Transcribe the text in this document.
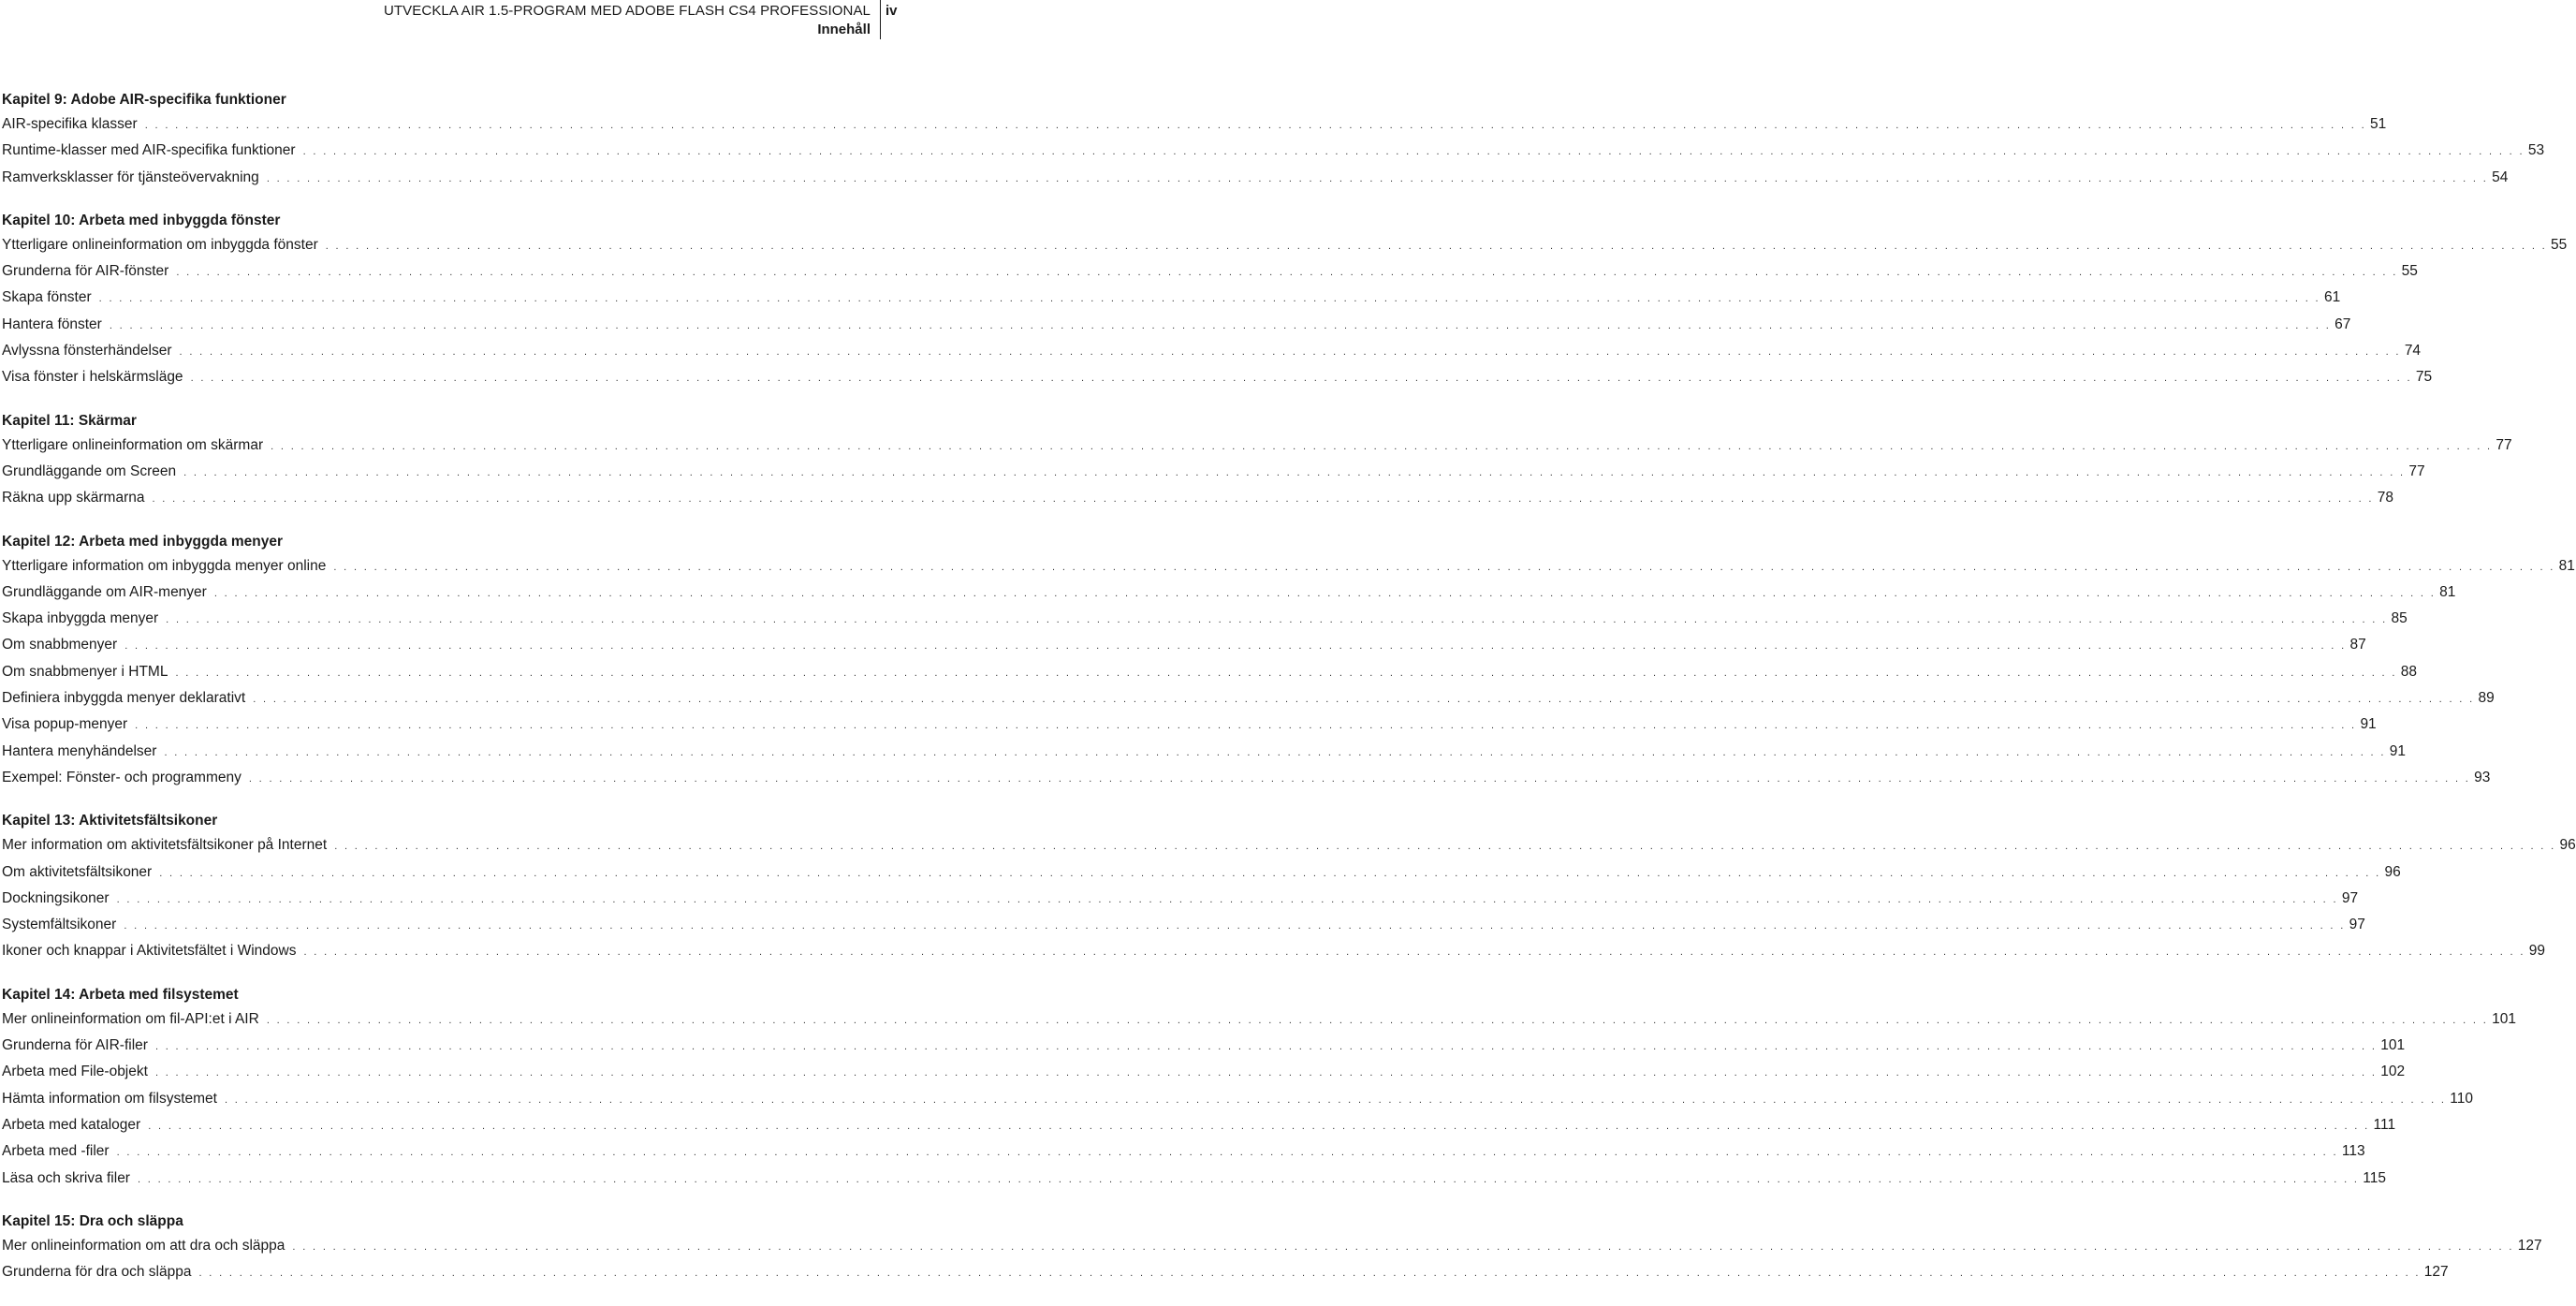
UTVECKLA AIR 1.5-PROGRAM MED ADOBE FLASH CS4 PROFESSIONAL
Innehåll
iv
Kapitel 9: Adobe AIR-specifika funktioner
AIR-specifika klasser . . . . . . . . . . . . . . . . . . . . . . . . . . . . . . . . . . . . . . . . . . . . . . . . . . . . . . . . . . . . . . . . . . . . . . . . . . . . . . . . . . . . . . . . . . . . . . . . . . . . . . . . . . . . . . . . . . . . . . . . . . . . . . . . . . . . . . . . . . . . . . . . . . . . . . . . . . . . . . . . . . . . . . . . . . . . . . . . . . . . . . . . . . . . . . . . . . . . . . . . . . . . . . . . . . . . . . . . . . . . 51
Runtime-klasser med AIR-specifika funktioner . . . . . . . . . . . . . . . . . . . . . . . . . . . . . . . . . . . . . . . . . . . . . . . . . . . . . . . . . . . . . . . . . . . . . . . . . . . . . . . . . . . . . . . . . . . . . . . . . . . . . . . . . . . . . . . . . . . . . . . . . . . . . . . . . . . . . . . . . . . . . . . . . . . . . . . . . . . . . . . . . . . . . . . . . . . . . . . . . . . . . . . . . . . . . . . . . . . . . . . . . . . . . . . . . . . . . . . . . . . . 53
Ramverksklasser för tjänsteövervakning . . . . . . . . . . . . . . . . . . . . . . . . . . . . . . . . . . . . . . . . . . . . . . . . . . . . . . . . . . . . . . . . . . . . . . . . . . . . . . . . . . . . . . . . . . . . . . . . . . . . . . . . . . . . . . . . . . . . . . . . . . . . . . . . . . . . . . . . . . . . . . . . . . . . . . . . . . . . . . . . . . . . . . . . . . . . . . . . . . . . . . . . . . . . . . . . . . . . . . . . . . . . . . . . . . . . . . . . . . . . 54
Kapitel 10: Arbeta med inbyggda fönster
Ytterligare onlineinformation om inbyggda fönster . . . . . . . . . . . . . . . . . . . . . . . . . . . . . . . . . . . . . . . . . . . . . . . . . . . . . . . . . . . . . . . . . . . . . . . . . . . . . . . . . . . . . . . . . . . . . . . . . . . . . . . . . . . . . . . . . . . . . . . . . . . . . . . . . . . . . . . . . . . . . . . . . . . . . . . . . . . . . . . . . . . . . . . . . . . . . . . . . . . . . . . . . . . . . . . . . . . . . . . . . . . . . . . . . . . . . . . . . . . . 55
Grunderna för AIR-fönster . . . . . . . . . . . . . . . . . . . . . . . . . . . . . . . . . . . . . . . . . . . . . . . . . . . . . . . . . . . . . . . . . . . . . . . . . . . . . . . . . . . . . . . . . . . . . . . . . . . . . . . . . . . . . . . . . . . . . . . . . . . . . . . . . . . . . . . . . . . . . . . . . . . . . . . . . . . . . . . . . . . . . . . . . . . . . . . . . . . . . . . . . . . . . . . . . . . . . . . . . . . . . . . . . . . . . . . . . . . . 55
Skapa fönster . . . . . . . . . . . . . . . . . . . . . . . . . . . . . . . . . . . . . . . . . . . . . . . . . . . . . . . . . . . . . . . . . . . . . . . . . . . . . . . . . . . . . . . . . . . . . . . . . . . . . . . . . . . . . . . . . . . . . . . . . . . . . . . . . . . . . . . . . . . . . . . . . . . . . . . . . . . . . . . . . . . . . . . . . . . . . . . . . . . . . . . . . . . . . . . . . . . . . . . . . . . . . . . . . . . . . . . . . . . . 61
Hantera fönster . . . . . . . . . . . . . . . . . . . . . . . . . . . . . . . . . . . . . . . . . . . . . . . . . . . . . . . . . . . . . . . . . . . . . . . . . . . . . . . . . . . . . . . . . . . . . . . . . . . . . . . . . . . . . . . . . . . . . . . . . . . . . . . . . . . . . . . . . . . . . . . . . . . . . . . . . . . . . . . . . . . . . . . . . . . . . . . . . . . . . . . . . . . . . . . . . . . . . . . . . . . . . . . . . . . . . . . . . . . . 67
Avlyssna fönsterhändelser . . . . . . . . . . . . . . . . . . . . . . . . . . . . . . . . . . . . . . . . . . . . . . . . . . . . . . . . . . . . . . . . . . . . . . . . . . . . . . . . . . . . . . . . . . . . . . . . . . . . . . . . . . . . . . . . . . . . . . . . . . . . . . . . . . . . . . . . . . . . . . . . . . . . . . . . . . . . . . . . . . . . . . . . . . . . . . . . . . . . . . . . . . . . . . . . . . . . . . . . . . . . . . . . . . . . . . . . . . . . 74
Visa fönster i helskärmsläge . . . . . . . . . . . . . . . . . . . . . . . . . . . . . . . . . . . . . . . . . . . . . . . . . . . . . . . . . . . . . . . . . . . . . . . . . . . . . . . . . . . . . . . . . . . . . . . . . . . . . . . . . . . . . . . . . . . . . . . . . . . . . . . . . . . . . . . . . . . . . . . . . . . . . . . . . . . . . . . . . . . . . . . . . . . . . . . . . . . . . . . . . . . . . . . . . . . . . . . . . . . . . . . . . . . . . . . . . . . . 75
Kapitel 11: Skärmar
Ytterligare onlineinformation om skärmar . . . . . . . . . . . . . . . . . . . . . . . . . . . . . . . . . . . . . . . . . . . . . . . . . . . . . . . . . . . . . . . . . . . . . . . . . . . . . . . . . . . . . . . . . . . . . . . . . . . . . . . . . . . . . . . . . . . . . . . . . . . . . . . . . . . . . . . . . . . . . . . . . . . . . . . . . . . . . . . . . . . . . . . . . . . . . . . . . . . . . . . . . . . . . . . . . . . . . . . . . . . . . . . . . . . . . . . . . . . . 77
Grundläggande om Screen . . . . . . . . . . . . . . . . . . . . . . . . . . . . . . . . . . . . . . . . . . . . . . . . . . . . . . . . . . . . . . . . . . . . . . . . . . . . . . . . . . . . . . . . . . . . . . . . . . . . . . . . . . . . . . . . . . . . . . . . . . . . . . . . . . . . . . . . . . . . . . . . . . . . . . . . . . . . . . . . . . . . . . . . . . . . . . . . . . . . . . . . . . . . . . . . . . . . . . . . . . . . . . . . . . . . . . . . . . . . 77
Räkna upp skärmarna . . . . . . . . . . . . . . . . . . . . . . . . . . . . . . . . . . . . . . . . . . . . . . . . . . . . . . . . . . . . . . . . . . . . . . . . . . . . . . . . . . . . . . . . . . . . . . . . . . . . . . . . . . . . . . . . . . . . . . . . . . . . . . . . . . . . . . . . . . . . . . . . . . . . . . . . . . . . . . . . . . . . . . . . . . . . . . . . . . . . . . . . . . . . . . . . . . . . . . . . . . . . . . . . . . . . . . . . . . . . 78
Kapitel 12: Arbeta med inbyggda menyer
Ytterligare information om inbyggda menyer online . . . . . . . . . . . . . . . . . . . . . . . . . . . . . . . . . . . . . . . . . . . . . . . . . . . . . . . . . . . . . . . . . . . . . . . . . . . . . . . . . . . . . . . . . . . . . . . . . . . . . . . . . . . . . . . . . . . . . . . . . . . . . . . . . . . . . . . . . . . . . . . . . . . . . . . . . . . . . . . . . . . . . . . . . . . . . . . . . . . . . . . . . . . . . . . . . . . . . . . . . . . . . . . . . . . . . . . . . . . . 81
Grundläggande om AIR-menyer . . . . . . . . . . . . . . . . . . . . . . . . . . . . . . . . . . . . . . . . . . . . . . . . . . . . . . . . . . . . . . . . . . . . . . . . . . . . . . . . . . . . . . . . . . . . . . . . . . . . . . . . . . . . . . . . . . . . . . . . . . . . . . . . . . . . . . . . . . . . . . . . . . . . . . . . . . . . . . . . . . . . . . . . . . . . . . . . . . . . . . . . . . . . . . . . . . . . . . . . . . . . . . . . . . . . . . . . . . . . 81
Skapa inbyggda menyer . . . . . . . . . . . . . . . . . . . . . . . . . . . . . . . . . . . . . . . . . . . . . . . . . . . . . . . . . . . . . . . . . . . . . . . . . . . . . . . . . . . . . . . . . . . . . . . . . . . . . . . . . . . . . . . . . . . . . . . . . . . . . . . . . . . . . . . . . . . . . . . . . . . . . . . . . . . . . . . . . . . . . . . . . . . . . . . . . . . . . . . . . . . . . . . . . . . . . . . . . . . . . . . . . . . . . . . . . . . . 85
Om snabbmenyer . . . . . . . . . . . . . . . . . . . . . . . . . . . . . . . . . . . . . . . . . . . . . . . . . . . . . . . . . . . . . . . . . . . . . . . . . . . . . . . . . . . . . . . . . . . . . . . . . . . . . . . . . . . . . . . . . . . . . . . . . . . . . . . . . . . . . . . . . . . . . . . . . . . . . . . . . . . . . . . . . . . . . . . . . . . . . . . . . . . . . . . . . . . . . . . . . . . . . . . . . . . . . . . . . . . . . . . . . . . . 87
Om snabbmenyer i HTML . . . . . . . . . . . . . . . . . . . . . . . . . . . . . . . . . . . . . . . . . . . . . . . . . . . . . . . . . . . . . . . . . . . . . . . . . . . . . . . . . . . . . . . . . . . . . . . . . . . . . . . . . . . . . . . . . . . . . . . . . . . . . . . . . . . . . . . . . . . . . . . . . . . . . . . . . . . . . . . . . . . . . . . . . . . . . . . . . . . . . . . . . . . . . . . . . . . . . . . . . . . . . . . . . . . . . . . . . . . . 88
Definiera inbyggda menyer deklarativt . . . . . . . . . . . . . . . . . . . . . . . . . . . . . . . . . . . . . . . . . . . . . . . . . . . . . . . . . . . . . . . . . . . . . . . . . . . . . . . . . . . . . . . . . . . . . . . . . . . . . . . . . . . . . . . . . . . . . . . . . . . . . . . . . . . . . . . . . . . . . . . . . . . . . . . . . . . . . . . . . . . . . . . . . . . . . . . . . . . . . . . . . . . . . . . . . . . . . . . . . . . . . . . . . . . . . . . . . . . . 89
Visa popup-menyer . . . . . . . . . . . . . . . . . . . . . . . . . . . . . . . . . . . . . . . . . . . . . . . . . . . . . . . . . . . . . . . . . . . . . . . . . . . . . . . . . . . . . . . . . . . . . . . . . . . . . . . . . . . . . . . . . . . . . . . . . . . . . . . . . . . . . . . . . . . . . . . . . . . . . . . . . . . . . . . . . . . . . . . . . . . . . . . . . . . . . . . . . . . . . . . . . . . . . . . . . . . . . . . . . . . . . . . . . . . . 91
Hantera menyhändelser . . . . . . . . . . . . . . . . . . . . . . . . . . . . . . . . . . . . . . . . . . . . . . . . . . . . . . . . . . . . . . . . . . . . . . . . . . . . . . . . . . . . . . . . . . . . . . . . . . . . . . . . . . . . . . . . . . . . . . . . . . . . . . . . . . . . . . . . . . . . . . . . . . . . . . . . . . . . . . . . . . . . . . . . . . . . . . . . . . . . . . . . . . . . . . . . . . . . . . . . . . . . . . . . . . . . . . . . . . . . 91
Exempel: Fönster- och programmeny . . . . . . . . . . . . . . . . . . . . . . . . . . . . . . . . . . . . . . . . . . . . . . . . . . . . . . . . . . . . . . . . . . . . . . . . . . . . . . . . . . . . . . . . . . . . . . . . . . . . . . . . . . . . . . . . . . . . . . . . . . . . . . . . . . . . . . . . . . . . . . . . . . . . . . . . . . . . . . . . . . . . . . . . . . . . . . . . . . . . . . . . . . . . . . . . . . . . . . . . . . . . . . . . . . . . . . . . . . . . 93
Kapitel 13: Aktivitetsfältsikoner
Mer information om aktivitetsfältsikoner på Internet . . . . . . . . . . . . . . . . . . . . . . . . . . . . . . . . . . . . . . . . . . . . . . . . . . . . . . . . . . . . . . . . . . . . . . . . . . . . . . . . . . . . . . . . . . . . . . . . . . . . . . . . . . . . . . . . . . . . . . . . . . . . . . . . . . . . . . . . . . . . . . . . . . . . . . . . . . . . . . . . . . . . . . . . . . . . . . . . . . . . . . . . . . . . . . . . . . . . . . . . . . . . . . . . . . . . . . . . . . . . 96
Om aktivitetsfältsikoner . . . . . . . . . . . . . . . . . . . . . . . . . . . . . . . . . . . . . . . . . . . . . . . . . . . . . . . . . . . . . . . . . . . . . . . . . . . . . . . . . . . . . . . . . . . . . . . . . . . . . . . . . . . . . . . . . . . . . . . . . . . . . . . . . . . . . . . . . . . . . . . . . . . . . . . . . . . . . . . . . . . . . . . . . . . . . . . . . . . . . . . . . . . . . . . . . . . . . . . . . . . . . . . . . . . . . . . . . . . . 96
Dockningsikoner . . . . . . . . . . . . . . . . . . . . . . . . . . . . . . . . . . . . . . . . . . . . . . . . . . . . . . . . . . . . . . . . . . . . . . . . . . . . . . . . . . . . . . . . . . . . . . . . . . . . . . . . . . . . . . . . . . . . . . . . . . . . . . . . . . . . . . . . . . . . . . . . . . . . . . . . . . . . . . . . . . . . . . . . . . . . . . . . . . . . . . . . . . . . . . . . . . . . . . . . . . . . . . . . . . . . . . . . . . . . 97
Systemfältsikoner . . . . . . . . . . . . . . . . . . . . . . . . . . . . . . . . . . . . . . . . . . . . . . . . . . . . . . . . . . . . . . . . . . . . . . . . . . . . . . . . . . . . . . . . . . . . . . . . . . . . . . . . . . . . . . . . . . . . . . . . . . . . . . . . . . . . . . . . . . . . . . . . . . . . . . . . . . . . . . . . . . . . . . . . . . . . . . . . . . . . . . . . . . . . . . . . . . . . . . . . . . . . . . . . . . . . . . . . . . . . 97
Ikoner och knappar i Aktivitetsfältet i Windows . . . . . . . . . . . . . . . . . . . . . . . . . . . . . . . . . . . . . . . . . . . . . . . . . . . . . . . . . . . . . . . . . . . . . . . . . . . . . . . . . . . . . . . . . . . . . . . . . . . . . . . . . . . . . . . . . . . . . . . . . . . . . . . . . . . . . . . . . . . . . . . . . . . . . . . . . . . . . . . . . . . . . . . . . . . . . . . . . . . . . . . . . . . . . . . . . . . . . . . . . . . . . . . . . . . . . . . . . . . . 99
Kapitel 14: Arbeta med filsystemet
Mer onlineinformation om fil-API:et i AIR . . . . . . . . . . . . . . . . . . . . . . . . . . . . . . . . . . . . . . . . . . . . . . . . . . . . . . . . . . . . . . . . . . . . . . . . . . . . . . . . . . . . . . . . . . . . . . . . . . . . . . . . . . . . . . . . . . . . . . . . . . . . . . . . . . . . . . . . . . . . . . . . . . . . . . . . . . . . . . . . . . . . . . . . . . . . . . . . . . . . . . . . . . . . . . . . . . . . . . . . . . . . . . . . . . . . . . . . . . . . 101
Grunderna för AIR-filer . . . . . . . . . . . . . . . . . . . . . . . . . . . . . . . . . . . . . . . . . . . . . . . . . . . . . . . . . . . . . . . . . . . . . . . . . . . . . . . . . . . . . . . . . . . . . . . . . . . . . . . . . . . . . . . . . . . . . . . . . . . . . . . . . . . . . . . . . . . . . . . . . . . . . . . . . . . . . . . . . . . . . . . . . . . . . . . . . . . . . . . . . . . . . . . . . . . . . . . . . . . . . . . . . . . . . . . . . . . . 101
Arbeta med File-objekt . . . . . . . . . . . . . . . . . . . . . . . . . . . . . . . . . . . . . . . . . . . . . . . . . . . . . . . . . . . . . . . . . . . . . . . . . . . . . . . . . . . . . . . . . . . . . . . . . . . . . . . . . . . . . . . . . . . . . . . . . . . . . . . . . . . . . . . . . . . . . . . . . . . . . . . . . . . . . . . . . . . . . . . . . . . . . . . . . . . . . . . . . . . . . . . . . . . . . . . . . . . . . . . . . . . . . . . . . . . . 102
Hämta information om filsystemet . . . . . . . . . . . . . . . . . . . . . . . . . . . . . . . . . . . . . . . . . . . . . . . . . . . . . . . . . . . . . . . . . . . . . . . . . . . . . . . . . . . . . . . . . . . . . . . . . . . . . . . . . . . . . . . . . . . . . . . . . . . . . . . . . . . . . . . . . . . . . . . . . . . . . . . . . . . . . . . . . . . . . . . . . . . . . . . . . . . . . . . . . . . . . . . . . . . . . . . . . . . . . . . . . . . . . . . . . . . . 110
Arbeta med kataloger . . . . . . . . . . . . . . . . . . . . . . . . . . . . . . . . . . . . . . . . . . . . . . . . . . . . . . . . . . . . . . . . . . . . . . . . . . . . . . . . . . . . . . . . . . . . . . . . . . . . . . . . . . . . . . . . . . . . . . . . . . . . . . . . . . . . . . . . . . . . . . . . . . . . . . . . . . . . . . . . . . . . . . . . . . . . . . . . . . . . . . . . . . . . . . . . . . . . . . . . . . . . . . . . . . . . . . . . . . . . 111
Arbeta med -filer . . . . . . . . . . . . . . . . . . . . . . . . . . . . . . . . . . . . . . . . . . . . . . . . . . . . . . . . . . . . . . . . . . . . . . . . . . . . . . . . . . . . . . . . . . . . . . . . . . . . . . . . . . . . . . . . . . . . . . . . . . . . . . . . . . . . . . . . . . . . . . . . . . . . . . . . . . . . . . . . . . . . . . . . . . . . . . . . . . . . . . . . . . . . . . . . . . . . . . . . . . . . . . . . . . . . . . . . . . . . 113
Läsa och skriva filer . . . . . . . . . . . . . . . . . . . . . . . . . . . . . . . . . . . . . . . . . . . . . . . . . . . . . . . . . . . . . . . . . . . . . . . . . . . . . . . . . . . . . . . . . . . . . . . . . . . . . . . . . . . . . . . . . . . . . . . . . . . . . . . . . . . . . . . . . . . . . . . . . . . . . . . . . . . . . . . . . . . . . . . . . . . . . . . . . . . . . . . . . . . . . . . . . . . . . . . . . . . . . . . . . . . . . . . . . . . . 115
Kapitel 15: Dra och släppa
Mer onlineinformation om att dra och släppa . . . . . . . . . . . . . . . . . . . . . . . . . . . . . . . . . . . . . . . . . . . . . . . . . . . . . . . . . . . . . . . . . . . . . . . . . . . . . . . . . . . . . . . . . . . . . . . . . . . . . . . . . . . . . . . . . . . . . . . . . . . . . . . . . . . . . . . . . . . . . . . . . . . . . . . . . . . . . . . . . . . . . . . . . . . . . . . . . . . . . . . . . . . . . . . . . . . . . . . . . . . . . . . . . . . . . . . . . . . . 127
Grunderna för dra och släppa . . . . . . . . . . . . . . . . . . . . . . . . . . . . . . . . . . . . . . . . . . . . . . . . . . . . . . . . . . . . . . . . . . . . . . . . . . . . . . . . . . . . . . . . . . . . . . . . . . . . . . . . . . . . . . . . . . . . . . . . . . . . . . . . . . . . . . . . . . . . . . . . . . . . . . . . . . . . . . . . . . . . . . . . . . . . . . . . . . . . . . . . . . . . . . . . . . . . . . . . . . . . . . . . . . . . . . . . . . . . 127
